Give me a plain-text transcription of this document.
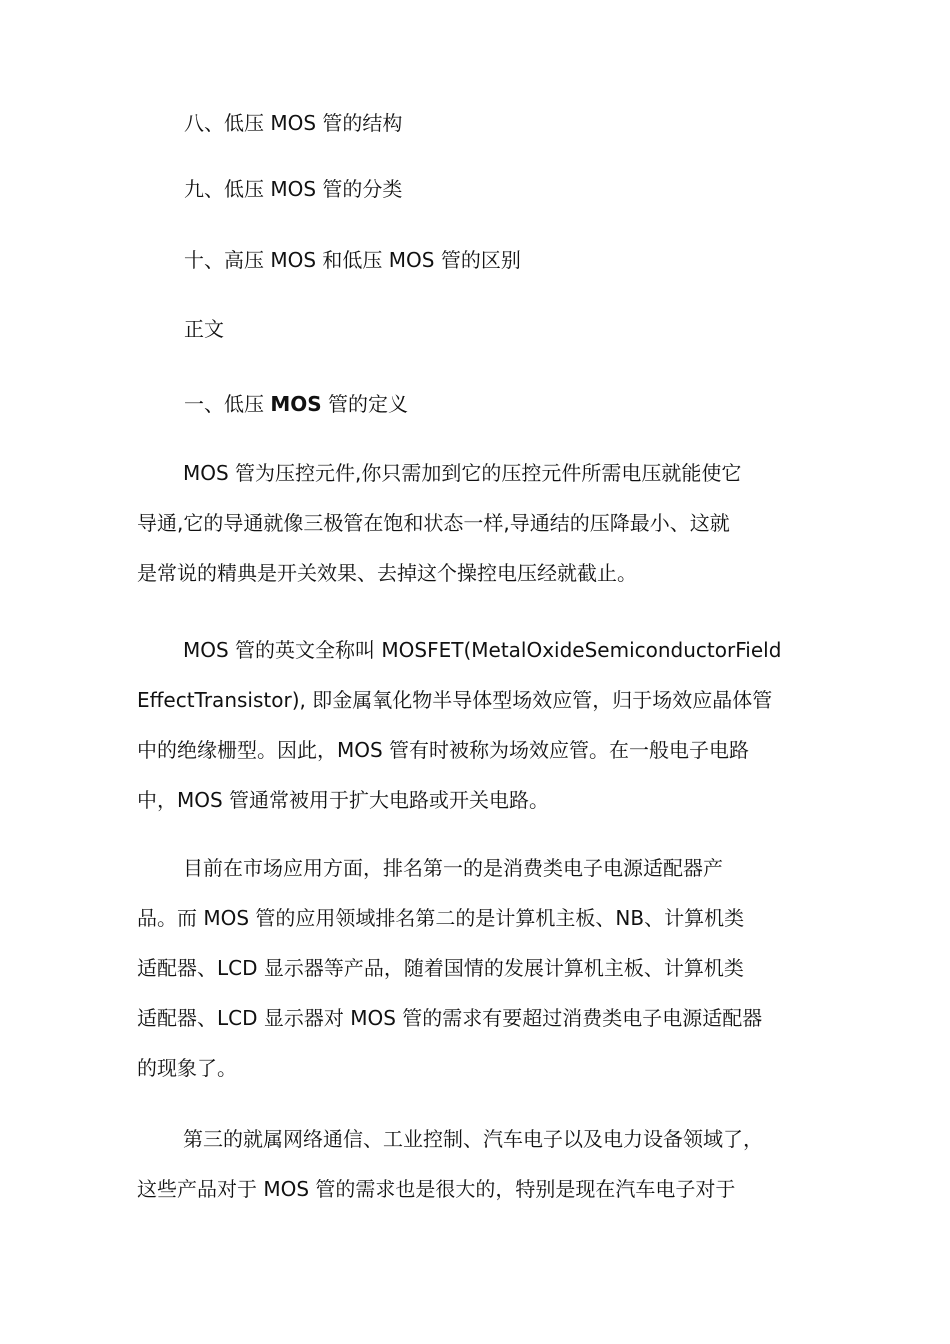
八、低压 MOS 管的结构
九、低压 MOS 管的分类
十、高压 MOS 和低压 MOS 管的区别
正文
一、低压 MOS 管的定义
MOS 管为压控元件,你只需加到它的压控元件所需电压就能使它
导通,它的导通就像三极管在饱和状态一样,导通结的压降最小、这就
是常说的精典是开关效果、去掉这个操控电压经就截止。
MOS 管的英文全称叫 MOSFET(MetalOxideSemiconductorField
EffectTransistor), 即金属氧化物半导体型场效应管，归于场效应晶体管
中的绝缘栅型。因此，MOS 管有时被称为场效应管。在一般电子电路
中，MOS 管通常被用于扩大电路或开关电路。
目前在市场应用方面，排名第一的是消费类电子电源适配器产
品。而 MOS 管的应用领域排名第二的是计算机主板、NB、计算机类
适配器、LCD 显示器等产品，随着国情的发展计算机主板、计算机类
适配器、LCD 显示器对 MOS 管的需求有要超过消费类电子电源适配器
的现象了。
第三的就属网络通信、工业控制、汽车电子以及电力设备领域了，
这些产品对于 MOS 管的需求也是很大的，特别是现在汽车电子对于
